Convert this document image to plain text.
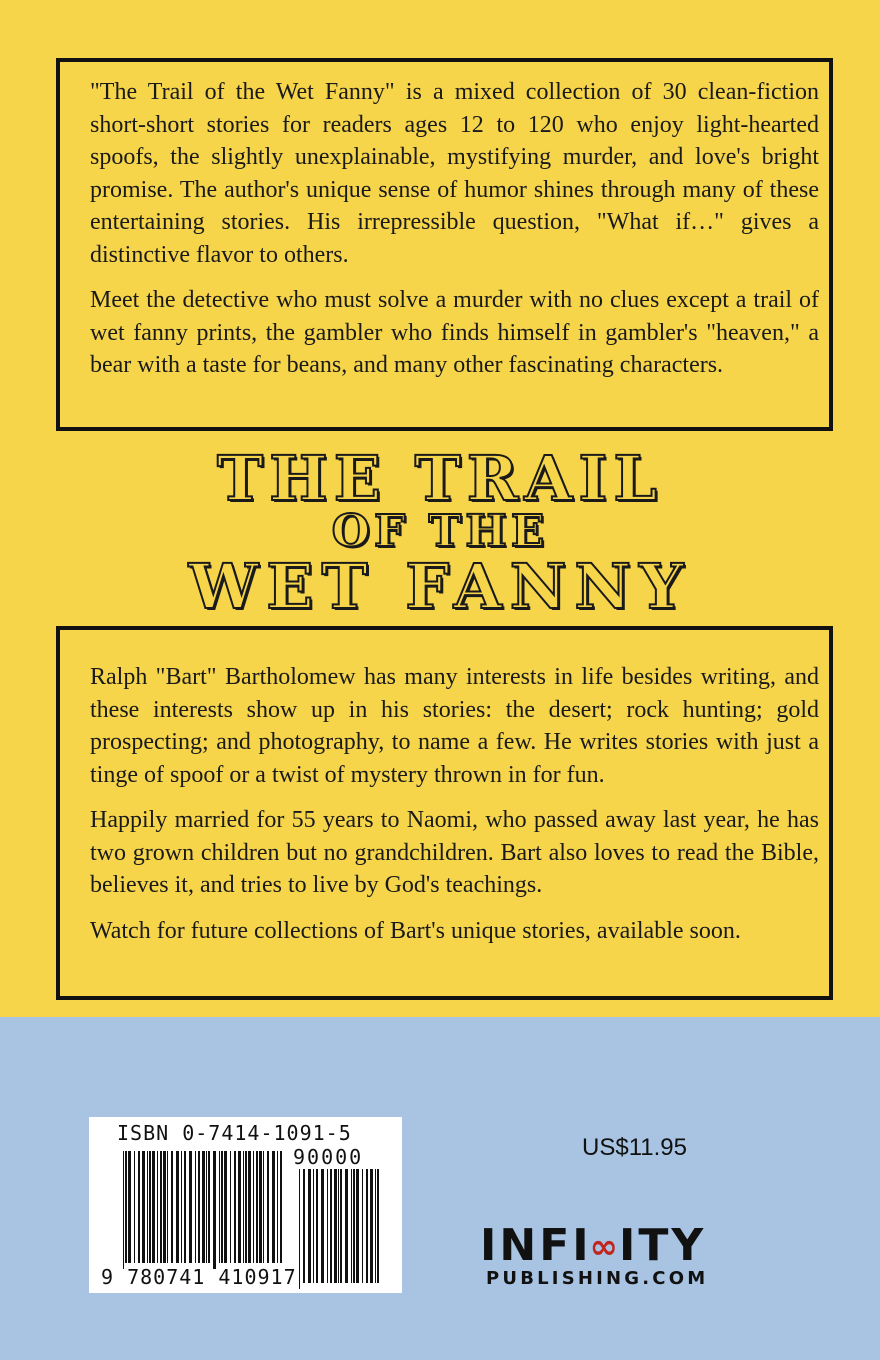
"The Trail of the Wet Fanny" is a mixed collection of 30 clean-fiction short-short stories for readers ages 12 to 120 who enjoy light-hearted spoofs, the slightly unexplainable, mystifying murder, and love's bright promise. The author's unique sense of humor shines through many of these entertaining stories. His irrepressible question, "What if…" gives a distinctive flavor to others.

Meet the detective who must solve a murder with no clues except a trail of wet fanny prints, the gambler who finds himself in gambler's "heaven," a bear with a taste for beans, and many other fascinating characters.

THE TRAIL
OF THE
WET FANNY

Ralph "Bart" Bartholomew has many interests in life besides writing, and these interests show up in his stories: the desert; rock hunting; gold prospecting; and photography, to name a few. He writes stories with just a tinge of spoof or a twist of mystery thrown in for fun.

Happily married for 55 years to Naomi, who passed away last year, he has two grown children but no grandchildren. Bart also loves to read the Bible, believes it, and tries to live by God's teachings.

Watch for future collections of Bart's unique stories, available soon.

ISBN 0-7414-1091-5
90000
9 780741 410917
US$11.95
INFI∞ITY
PUBLISHING.COM
